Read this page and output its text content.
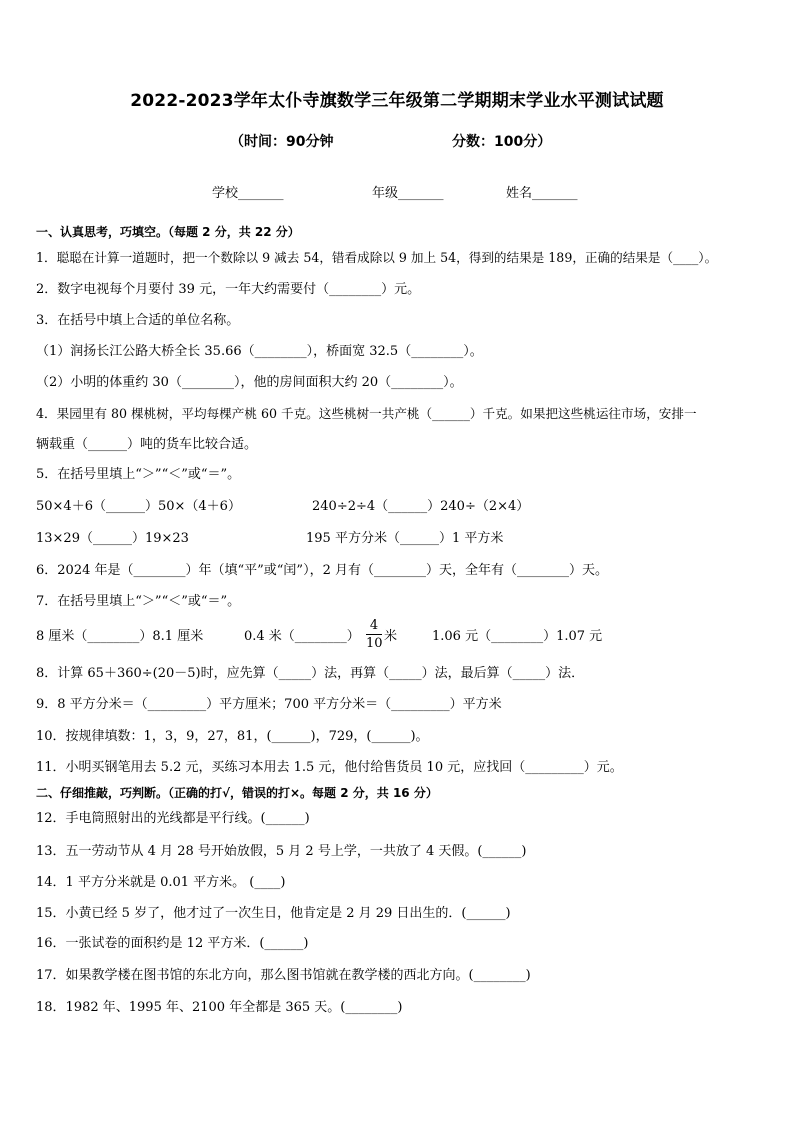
2022-2023学年太仆寺旗数学三年级第二学期期末学业水平测试试题
（时间：90分钟	分数：100分）
学校_______	年级_______	姓名_______
一、认真思考，巧填空。（每题 2 分，共 22 分）
1．聪聪在计算一道题时，把一个数除以 9 减去 54，错看成除以 9 加上 54，得到的结果是 189，正确的结果是（____）。
2．数字电视每个月要付 39 元，一年大约需要付（________）元。
3．在括号中填上合适的单位名称。
（1）润扬长江公路大桥全长 35.66（________），桥面宽 32.5（________）。
（2）小明的体重约 30（________），他的房间面积大约 20（________）。
4．果园里有 80 棵桃树，平均每棵产桃 60 千克。这些桃树一共产桃（______）千克。如果把这些桃运往市场，安排一
辆载重（______）吨的货车比较合适。
5．在括号里填上“＞”“＜”或“＝”。
50×4＋6（______）50×（4＋6）	240÷2÷4（______）240÷（2×4）
13×29（______）19×23	195 平方分米（______）1 平方米
6．2024 年是（________）年（填“平”或“闰”），2 月有（________）天，全年有（________）天。
7．在括号里填上“＞”“＜”或“＝”。
8 厘米（________）8.1 厘米	0.4 米（________）
4
10 米	1.06 元（________）1.07 元
8．计算 65＋360÷(20－5)时，应先算（_____）法，再算（_____）法，最后算（_____）法．
9．8 平方分米＝（_________）平方厘米；700 平方分米＝（_________）平方米
10．按规律填数：1，3，9，27，81，(______)，729，(______)。
11．小明买钢笔用去 5.2 元，买练习本用去 1.5 元，他付给售货员 10 元，应找回（_________）元。
二、仔细推敲，巧判断。（正确的打√，错误的打×。每题 2 分，共 16 分）
12．手电筒照射出的光线都是平行线。(______)
13．五一劳动节从 4 月 28 号开始放假，5 月 2 号上学，一共放了 4 天假。(______)
14．1 平方分米就是 0.01 平方米。 (____)
15．小黄已经 5 岁了，他才过了一次生日，他肯定是 2 月 29 日出生的．(______)
16．一张试卷的面积约是 12 平方米．(______)
17．如果教学楼在图书馆的东北方向，那么图书馆就在教学楼的西北方向。(________)
18．1982 年、1995 年、2100 年全都是 365 天。(________)
